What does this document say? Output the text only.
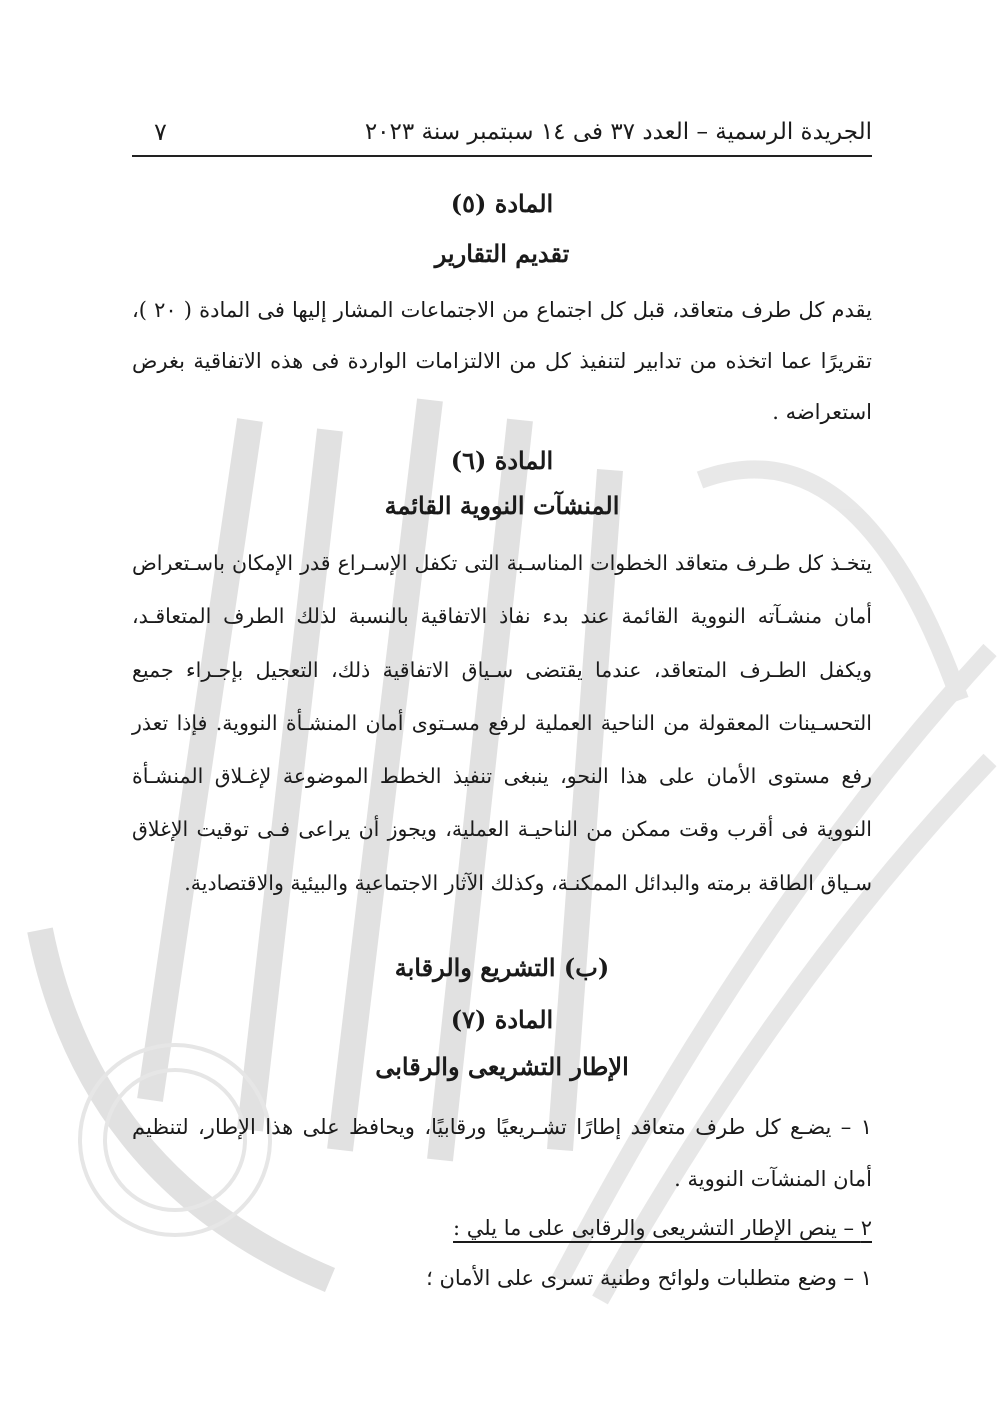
الجريدة الرسمية – العدد ٣٧ فى ١٤ سبتمبر سنة ٢٠٢٣
٧
المادة (٥)
تقديم التقارير
يقدم كل طرف متعاقد، قبل كل اجتماع من الاجتماعات المشار إليها فى المادة ( ٢٠ )، تقريرًا عما اتخذه من تدابير لتنفيذ كل من الالتزامات الواردة فى هذه الاتفاقية بغرض استعراضه .
المادة (٦)
المنشآت النووية القائمة
يتخـذ كل طـرف متعاقد الخطوات المناسـبة التى تكفل الإسـراع قدر الإمكان باسـتعراض أمان منشـآته النووية القائمة عند بدء نفاذ الاتفاقية بالنسبة لذلك الطرف المتعاقـد، ويكفل الطـرف المتعاقد، عندما يقتضى سـياق الاتفاقية ذلك، التعجيل بإجـراء جميع التحسـينات المعقولة من الناحية العملية لرفع مسـتوى أمان المنشـأة النووية. فإذا تعذر رفع مستوى الأمان على هذا النحو، ينبغى تنفيذ الخطط الموضوعة لإغـلاق المنشـأة النووية فى أقرب وقت ممكن من الناحيـة العملية، ويجوز أن يراعى فـى توقيت الإغلاق سـياق الطاقة برمته والبدائل الممكنـة، وكذلك الآثار الاجتماعية والبيئية والاقتصادية.
(ب) التشريع والرقابة
المادة (٧)
الإطار التشريعى والرقابى
١ – يضـع كل طرف متعاقد إطارًا تشـريعيًا ورقابيًا، ويحافظ على هذا الإطار، لتنظيم أمان المنشآت النووية .
٢ – ينص الإطار التشريعى والرقابى على ما يلي :
١ – وضع متطلبات ولوائح وطنية تسرى على الأمان ؛
